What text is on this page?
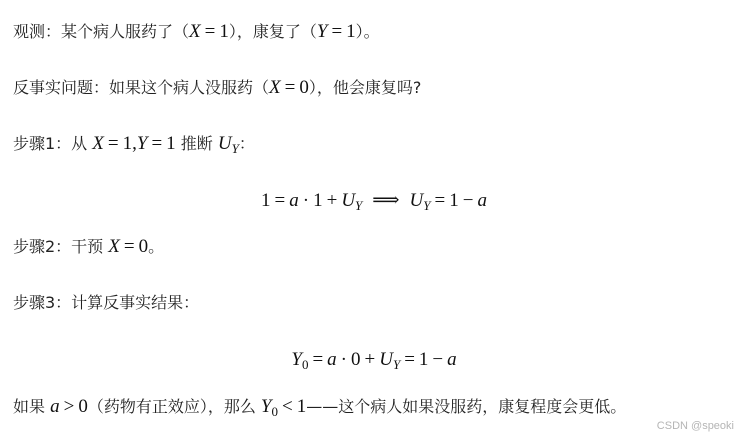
观测：某个病人服药了（X = 1），康复了（Y = 1）。
反事实问题：如果这个病人没服药（X = 0），他会康复吗?
步骤1：从 X = 1,Y = 1 推断 $U_Y$：
$1 = a \cdot 1 + U_Y$ ⟹ $U_Y = 1 - a$
步骤2：干预 X = 0。
步骤3：计算反事实结果：
$Y_0 = a \cdot 0 + U_Y = 1 - a$
如果 a > 0（药物有正效应），那么 $Y_0$ < 1——这个病人如果没服药，康复程度会更低。
CSDN @speoki
